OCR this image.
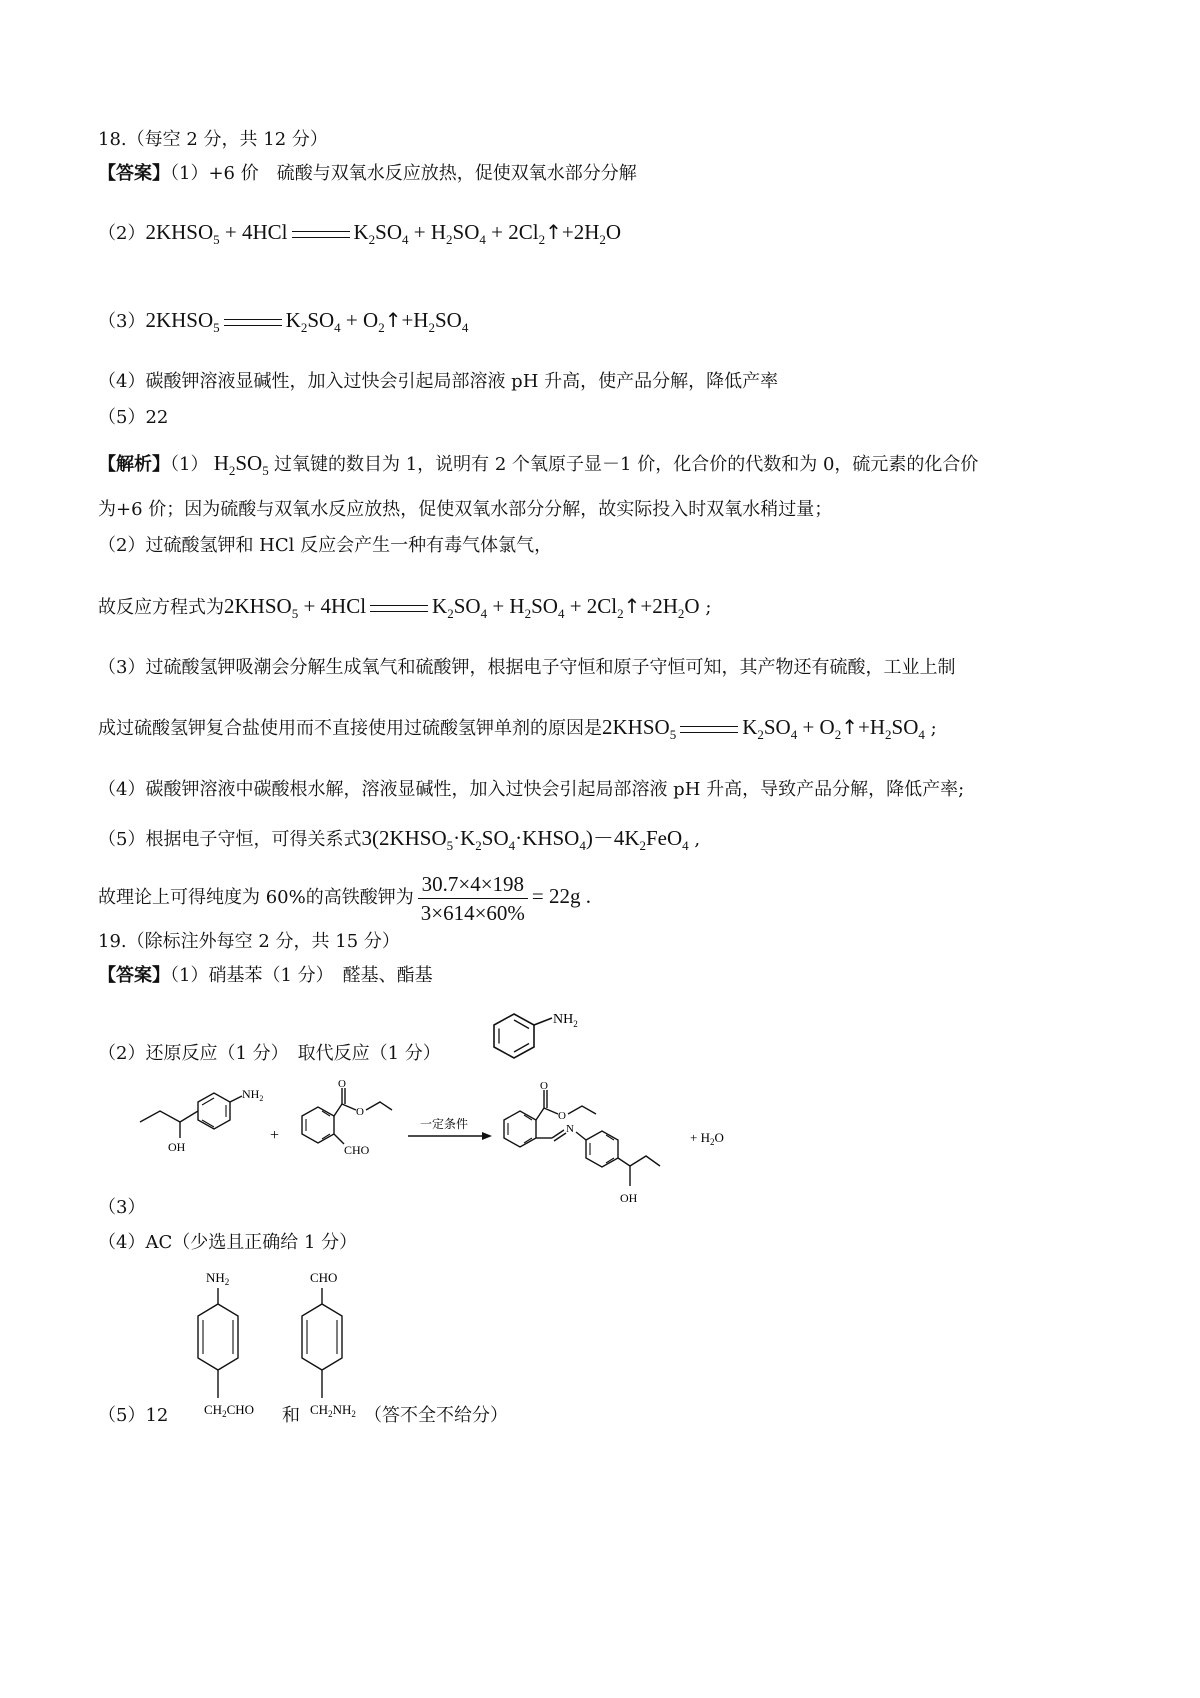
18.（每空 2 分，共 12 分）
【答案】（1）+6 价　硫酸与双氧水反应放热，促使双氧水部分分解
$(2)2KHSO_5 + 4HCl$	$K_2SO_4 + H_2SO_4$ + $2Cl_2↑+2H_2O$
$(3)2KHSO_5$	$K_2SO_4$ + $O_2↑+H_2SO_4$
（4）碳酸钾溶液显碱性，加入过快会引起局部溶液 pH 升高，使产品分解，降低产率
（5）22
【解析】（1） $H_2SO_5$ 过氧键的数目为 1，说明有 2 个氧原子显－1 价，化合价的代数和为 0，硫元素的化合价
为+6 价；因为硫酸与双氧水反应放热，促使双氧水部分分解，故实际投入时双氧水稍过量；
（2）过硫酸氢钾和 HCl 反应会产生一种有毒气体氯气，
故反应方程式为$2KHSO_5 + 4HCl$	$K_2SO_4 + H_2SO_4$ + $2Cl_2↑+2H_2O$ ;
（3）过硫酸氢钾吸潮会分解生成氧气和硫酸钾，根据电子守恒和原子守恒可知，其产物还有硫酸，工业上制
成过硫酸氢钾复合盐使用而不直接使用过硫酸氢钾单剂的原因是$2KHSO_5$	$K_2SO_4$ + $O_2↑+H_2SO_4$ ;
（4）碳酸钾溶液中碳酸根水解，溶液显碱性，加入过快会引起局部溶液 pH 升高，导致产品分解，降低产率;
（5）根据电子守恒，可得关系式$3(2KHSO_5\cdot K_2SO_4\cdot KHSO_4)-4K_2FeO_4$ ,
故理论上可得纯度为 60%的高铁酸钾为 $\frac{30.7\times 4\times 198}{3\times 614\times 60\%} = 22g$ .
19.（除标注外每空 2 分，共 15 分）
【答案】（1）硝基苯（1 分）　醛基、酯基
（2）还原反应（1 分）　取代反应（1 分）
$NH_2$
OH
$NH_2$
+
O
O
CHO
一定条件
O
O
N
OH
+ $H_2O$
（3）
（4）AC（少选且正确给 1 分）
$NH_2$
$CH_2CHO$
CHO
$CH_2NH_2$
（5）12	和	（答不全不给分）
